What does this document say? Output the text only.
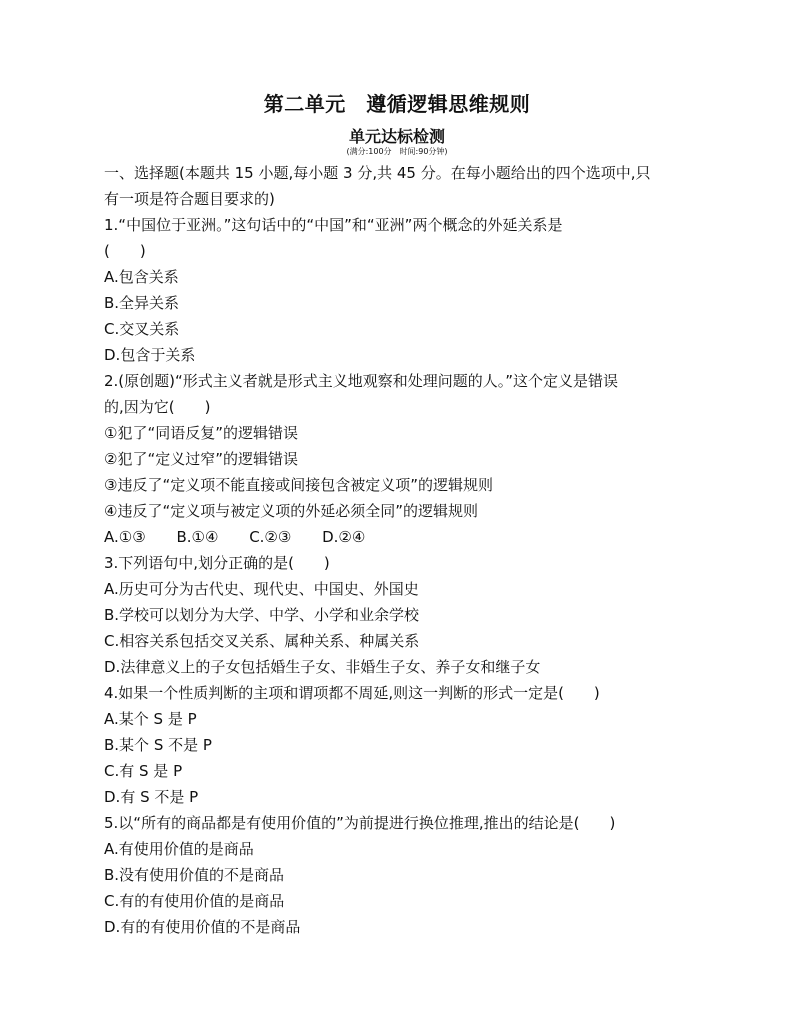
第二单元　遵循逻辑思维规则
单元达标检测
(满分:100分　时间:90分钟)
一、选择题(本题共 15 小题,每小题 3 分,共 45 分。在每小题给出的四个选项中,只
有一项是符合题目要求的)
1.“中国位于亚洲。”这句话中的“中国”和“亚洲”两个概念的外延关系是
(　　)
A.包含关系
B.全异关系
C.交叉关系
D.包含于关系
2.(原创题)“形式主义者就是形式主义地观察和处理问题的人。”这个定义是错误
的,因为它(　　)
①犯了“同语反复”的逻辑错误
②犯了“定义过窄”的逻辑错误
③违反了“定义项不能直接或间接包含被定义项”的逻辑规则
④违反了“定义项与被定义项的外延必须全同”的逻辑规则
A.①③ B.①④ C.②③ D.②④
3.下列语句中,划分正确的是(　　)
A.历史可分为古代史、现代史、中国史、外国史
B.学校可以划分为大学、中学、小学和业余学校
C.相容关系包括交叉关系、属种关系、种属关系
D.法律意义上的子女包括婚生子女、非婚生子女、养子女和继子女
4.如果一个性质判断的主项和谓项都不周延,则这一判断的形式一定是(　　)
A.某个 S 是 P
B.某个 S 不是 P
C.有 S 是 P
D.有 S 不是 P
5.以“所有的商品都是有使用价值的”为前提进行换位推理,推出的结论是(　　)
A.有使用价值的是商品
B.没有使用价值的不是商品
C.有的有使用价值的是商品
D.有的有使用价值的不是商品
